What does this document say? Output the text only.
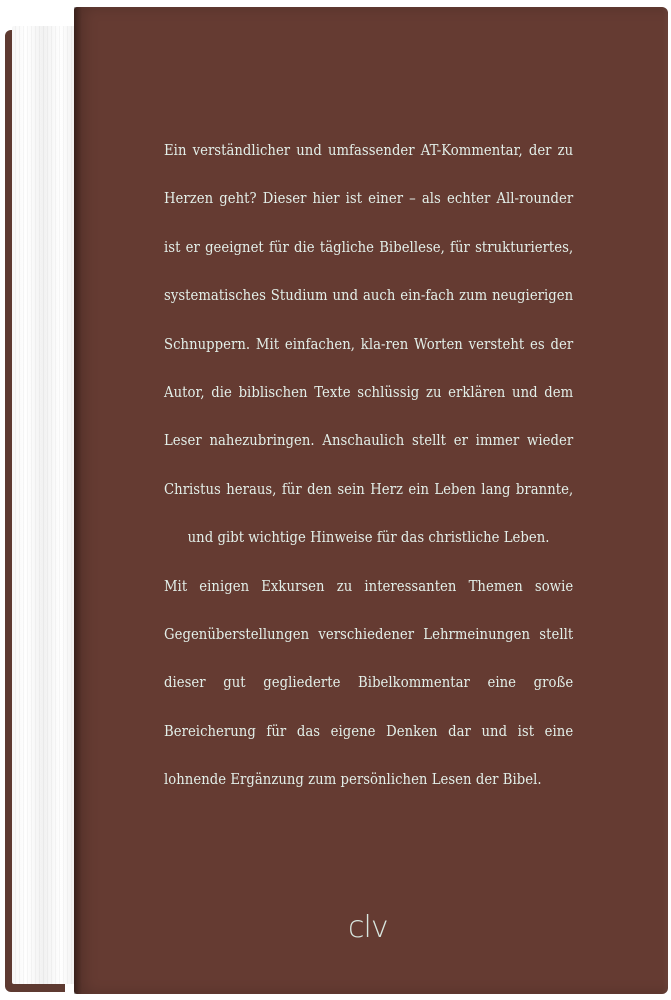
Ein verständlicher und umfassender AT-Kommentar, der zu Herzen geht? Dieser hier ist einer – als echter All-rounder ist er geeignet für die tägliche Bibellese, für strukturiertes, systematisches Studium und auch ein-fach zum neugierigen Schnuppern. Mit einfachen, kla-ren Worten versteht es der Autor, die biblischen Texte schlüssig zu erklären und dem Leser nahezubringen. Anschaulich stellt er immer wieder Christus heraus, für den sein Herz ein Leben lang brannte, und gibt wichtige Hinweise für das christliche Leben.

Mit einigen Exkursen zu interessanten Themen sowie Gegenüberstellungen verschiedener Lehrmeinungen stellt dieser gut gegliederte Bibelkommentar eine große Bereicherung für das eigene Denken dar und ist eine lohnende Ergänzung zum persönlichen Lesen der Bibel.

clv
